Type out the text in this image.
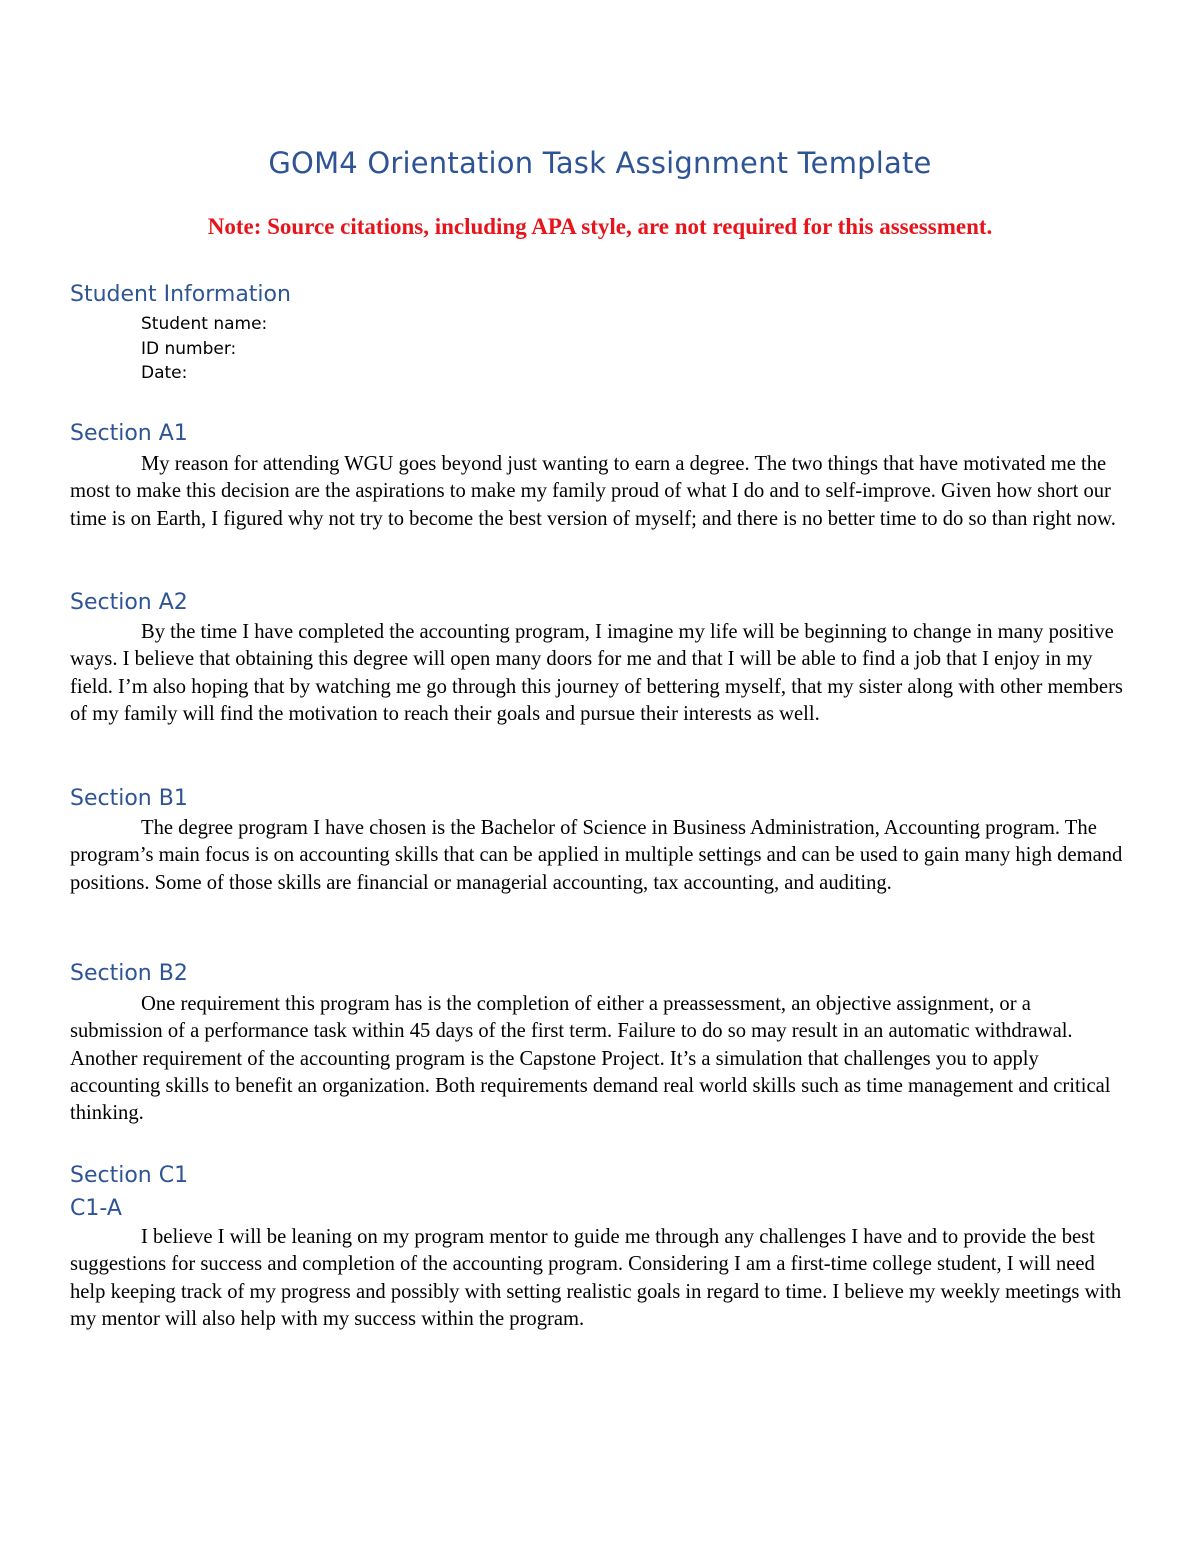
GOM4 Orientation Task Assignment Template
Note: Source citations, including APA style, are not required for this assessment.
Student Information
Student name:
ID number:
Date:
Section A1

My reason for attending WGU goes beyond just wanting to earn a degree. The two things that have motivated me the most to make this decision are the aspirations to make my family proud of what I do and to self-improve. Given how short our time is on Earth, I figured why not try to become the best version of myself; and there is no better time to do so than right now.

Section A2

By the time I have completed the accounting program, I imagine my life will be beginning to change in many positive ways. I believe that obtaining this degree will open many doors for me and that I will be able to find a job that I enjoy in my field. I’m also hoping that by watching me go through this journey of bettering myself, that my sister along with other members of my family will find the motivation to reach their goals and pursue their interests as well.

Section B1

The degree program I have chosen is the Bachelor of Science in Business Administration, Accounting program. The program’s main focus is on accounting skills that can be applied in multiple settings and can be used to gain many high demand positions. Some of those skills are financial or managerial accounting, tax accounting, and auditing.

Section B2

One requirement this program has is the completion of either a preassessment, an objective assignment, or a submission of a performance task within 45 days of the first term. Failure to do so may result in an automatic withdrawal. Another requirement of the accounting program is the Capstone Project. It’s a simulation that challenges you to apply accounting skills to benefit an organization. Both requirements demand real world skills such as time management and critical thinking.

Section C1
C1-A

I believe I will be leaning on my program mentor to guide me through any challenges I have and to provide the best suggestions for success and completion of the accounting program. Considering I am a first-time college student, I will need help keeping track of my progress and possibly with setting realistic goals in regard to time. I believe my weekly meetings with my mentor will also help with my success within the program.
